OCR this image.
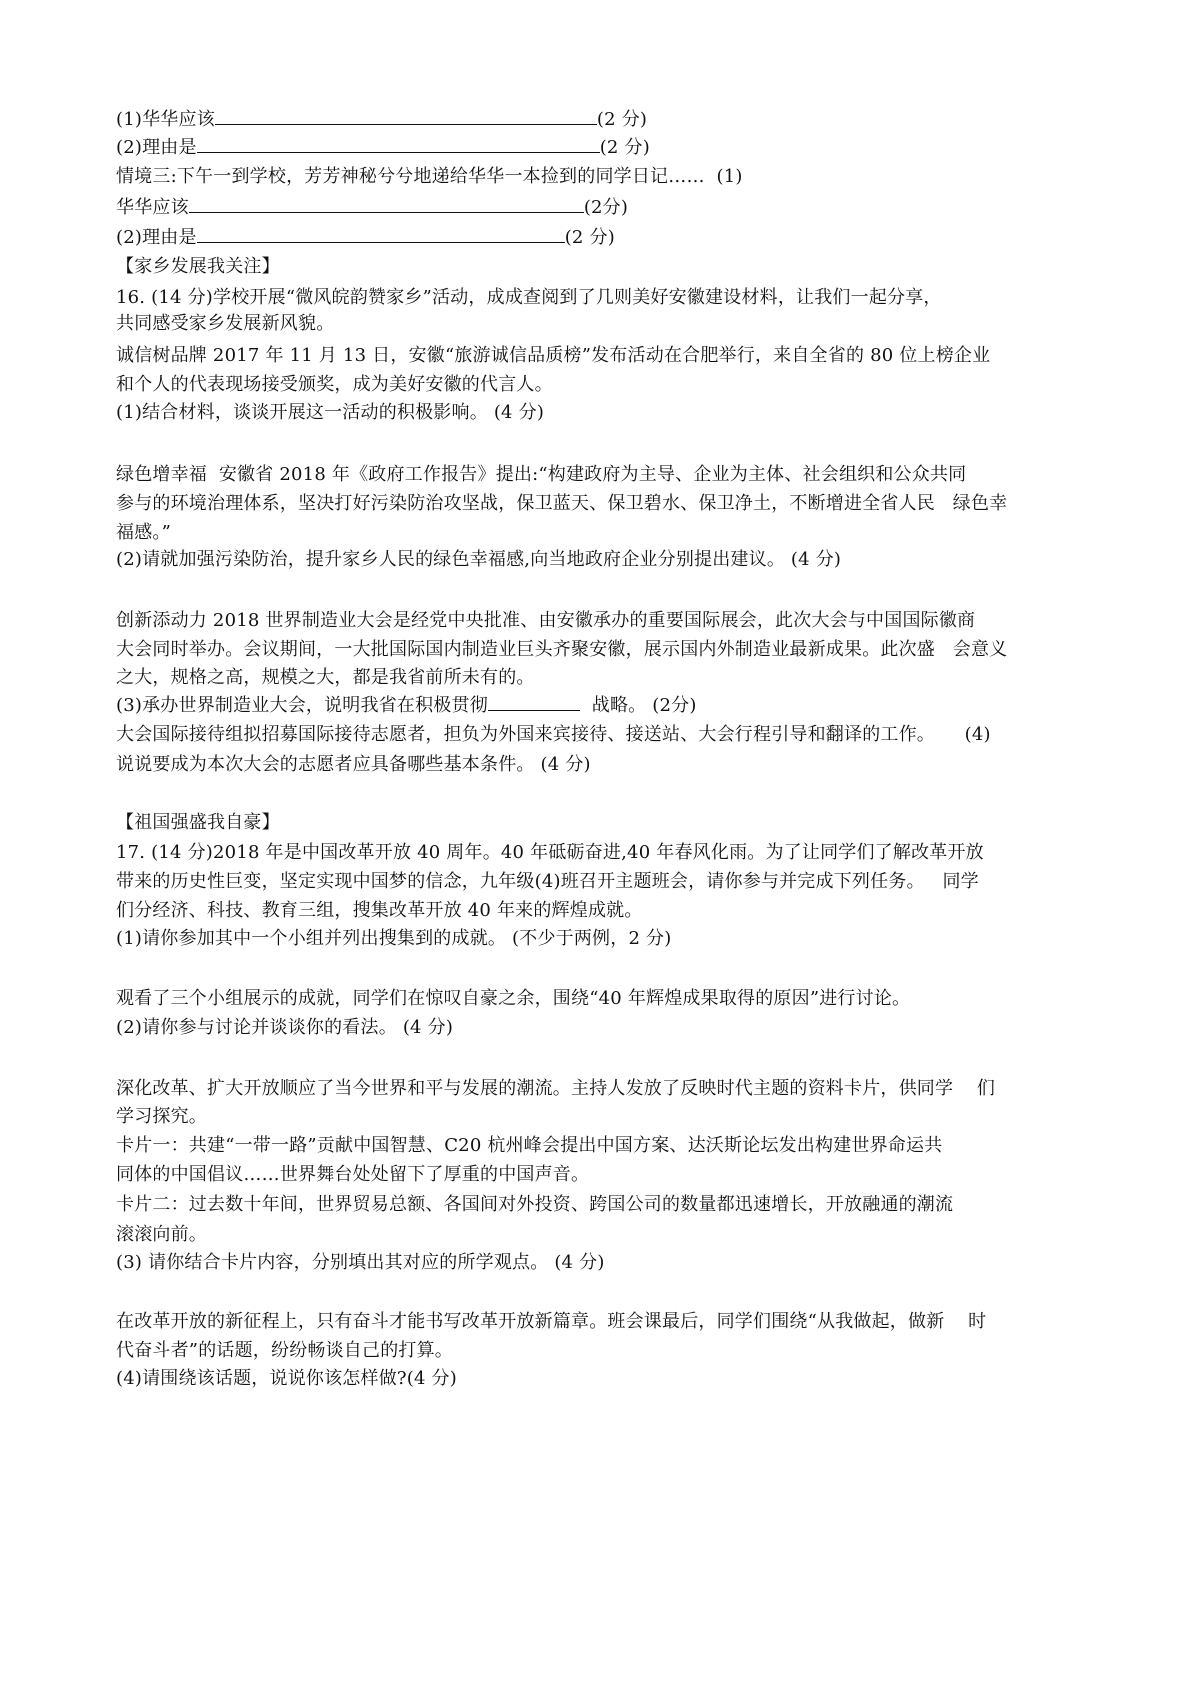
(1)华华应该	(2 分)
(2)理由是	(2 分)
情境三:下午一到学校，芳芳神秘兮兮地递给华华一本捡到的同学日记……  (1)
华华应该	(2分)
(2)理由是	(2 分)
【家乡发展我关注】
16. (14 分)学校开展“微风皖韵赞家乡”活动，成成查阅到了几则美好安徽建设材料，让我们一起分享，
共同感受家乡发展新风貌。
诚信树品牌 2017 年 11 月 13 日，安徽“旅游诚信品质榜”发布活动在合肥举行，来自全省的 80 位上榜企业
和个人的代表现场接受颁奖，成为美好安徽的代言人。
(1)结合材料，谈谈开展这一活动的积极影响。 (4 分)
绿色增幸福  安徽省 2018 年《政府工作报告》提出:“构建政府为主导、企业为主体、社会组织和公众共同
参与的环境治理体系，坚决打好污染防治攻坚战，保卫蓝天、保卫碧水、保卫净土，不断增进全省人民   绿色幸
福感。”
(2)请就加强污染防治，提升家乡人民的绿色幸福感,向当地政府企业分别提出建议。 (4 分)
创新添动力 2018 世界制造业大会是经党中央批准、由安徽承办的重要国际展会，此次大会与中国国际徽商
大会同时举办。会议期间，一大批国际国内制造业巨头齐聚安徽，展示国内外制造业最新成果。此次盛   会意义
之大，规格之高，规模之大，都是我省前所未有的。
(3)承办世界制造业大会，说明我省在积极贯彻	战略。 (2分)
大会国际接待组拟招募国际接待志愿者，担负为外国来宾接待、接送站、大会行程引导和翻译的工作。     (4)
说说要成为本次大会的志愿者应具备哪些基本条件。 (4 分)
【祖国强盛我自豪】
17. (14 分)2018 年是中国改革开放 40 周年。40 年砥砺奋进,40 年春风化雨。为了让同学们了解改革开放
带来的历史性巨变，坚定实现中国梦的信念，九年级(4)班召开主题班会，请你参与并完成下列任务。   同学
们分经济、科技、教育三组，搜集改革开放 40 年来的辉煌成就。
(1)请你参加其中一个小组并列出搜集到的成就。 (不少于两例，2 分)
观看了三个小组展示的成就，同学们在惊叹自豪之余，围绕“40 年辉煌成果取得的原因”进行讨论。
(2)请你参与讨论并谈谈你的看法。 (4 分)
深化改革、扩大开放顺应了当今世界和平与发展的潮流。主持人发放了反映时代主题的资料卡片，供同学    们
学习探究。
卡片一：共建“一带一路”贡献中国智慧、C20 杭州峰会提出中国方案、达沃斯论坛发出构建世界命运共
同体的中国倡议……世界舞台处处留下了厚重的中国声音。
卡片二：过去数十年间，世界贸易总额、各国间对外投资、跨国公司的数量都迅速增长，开放融通的潮流
滚滚向前。
(3) 请你结合卡片内容，分别填出其对应的所学观点。 (4 分)
在改革开放的新征程上，只有奋斗才能书写改革开放新篇章。班会课最后，同学们围绕“从我做起，做新    时
代奋斗者”的话题，纷纷畅谈自己的打算。
(4)请围绕该话题，说说你该怎样做?(4 分)
